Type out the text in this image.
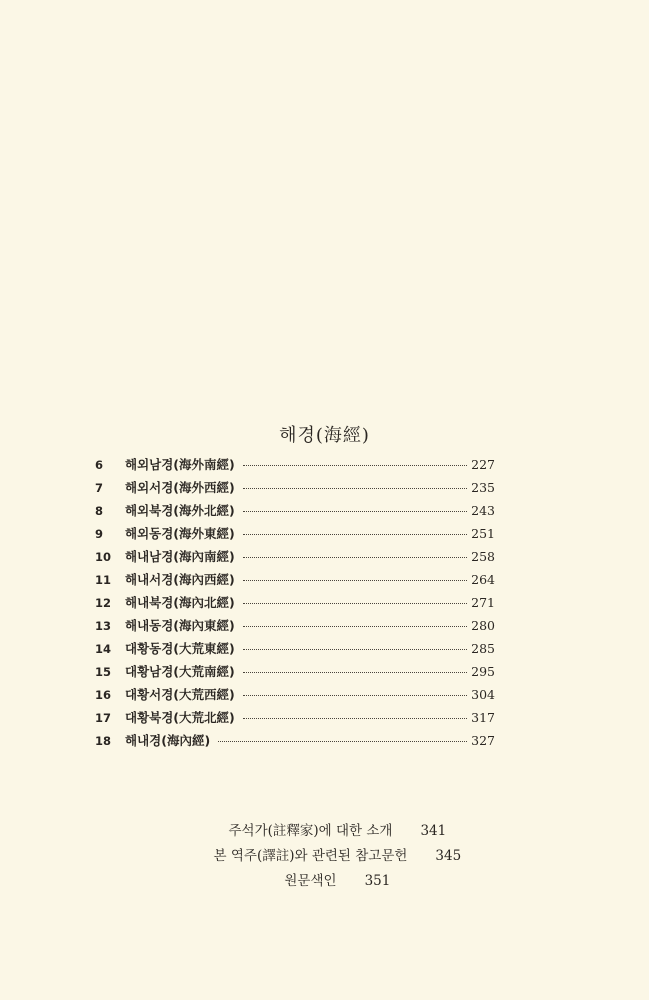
해경(海經)
6	해외남경(海外南經)	227
7	해외서경(海外西經)	235
8	해외북경(海外北經)	243
9	해외동경(海外東經)	251
10	해내남경(海內南經)	258
11	해내서경(海內西經)	264
12	해내북경(海內北經)	271
13	해내동경(海內東經)	280
14	대황동경(大荒東經)	285
15	대황남경(大荒南經)	295
16	대황서경(大荒西經)	304
17	대황북경(大荒北經)	317
18	해내경(海內經)	327

주석가(註釋家)에 대한 소개 341

본 역주(譯註)와 관련된 참고문헌 345

원문색인 351
